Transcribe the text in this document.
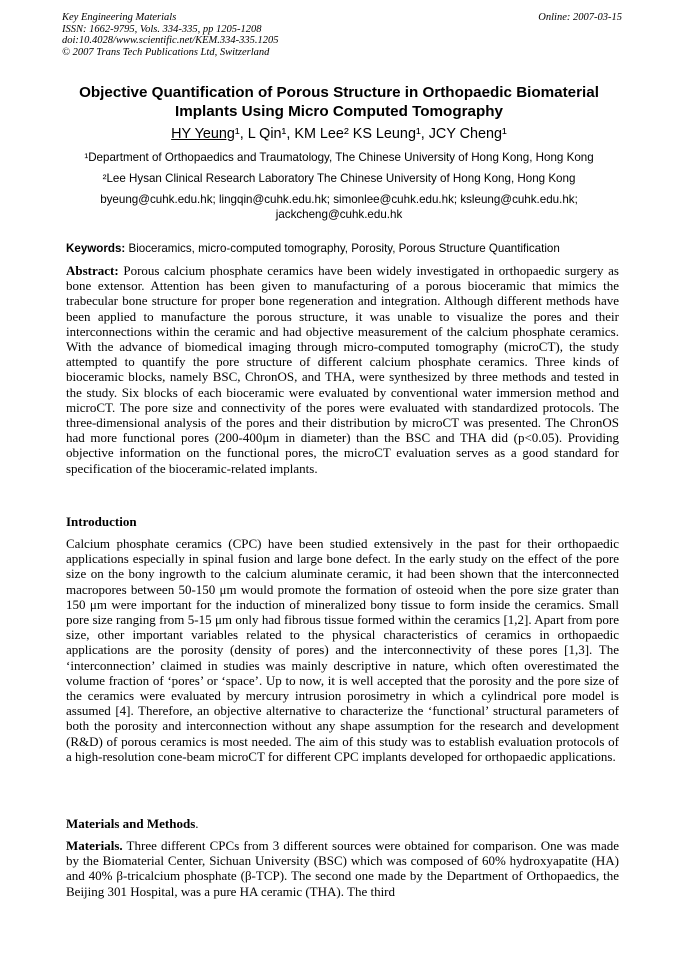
Key Engineering Materials
ISSN: 1662-9795, Vols. 334-335, pp 1205-1208
doi:10.4028/www.scientific.net/KEM.334-335.1205
© 2007 Trans Tech Publications Ltd, Switzerland
Online: 2007-03-15
Objective Quantification of Porous Structure in Orthopaedic Biomaterial
Implants Using Micro Computed Tomography
HY Yeung¹, L Qin¹, KM Lee² KS Leung¹, JCY Cheng¹
¹Department of Orthopaedics and Traumatology, The Chinese University of Hong Kong, Hong Kong
²Lee Hysan Clinical Research Laboratory The Chinese University of Hong Kong, Hong Kong
byeung@cuhk.edu.hk; lingqin@cuhk.edu.hk; simonlee@cuhk.edu.hk; ksleung@cuhk.edu.hk; jackcheng@cuhk.edu.hk
Keywords: Bioceramics, micro-computed tomography, Porosity, Porous Structure Quantification
Abstract: Porous calcium phosphate ceramics have been widely investigated in orthopaedic surgery as bone extensor. Attention has been given to manufacturing of a porous bioceramic that mimics the trabecular bone structure for proper bone regeneration and integration. Although different methods have been applied to manufacture the porous structure, it was unable to visualize the pores and their interconnections within the ceramic and had objective measurement of the calcium phosphate ceramics. With the advance of biomedical imaging through micro-computed tomography (microCT), the study attempted to quantify the pore structure of different calcium phosphate ceramics. Three kinds of bioceramic blocks, namely BSC, ChronOS, and THA, were synthesized by three methods and tested in the study. Six blocks of each bioceramic were evaluated by conventional water immersion method and microCT. The pore size and connectivity of the pores were evaluated with standardized protocols. The three-dimensional analysis of the pores and their distribution by microCT was presented. The ChronOS had more functional pores (200-400μm in diameter) than the BSC and THA did (p<0.05). Providing objective information on the functional pores, the microCT evaluation serves as a good standard for specification of the bioceramic-related implants.
Introduction
Calcium phosphate ceramics (CPC) have been studied extensively in the past for their orthopaedic applications especially in spinal fusion and large bone defect. In the early study on the effect of the pore size on the bony ingrowth to the calcium aluminate ceramic, it had been shown that the interconnected macropores between 50-150 μm would promote the formation of osteoid when the pore size grater than 150 μm were important for the induction of mineralized bony tissue to form inside the ceramics. Small pore size ranging from 5-15 μm only had fibrous tissue formed within the ceramics [1,2]. Apart from pore size, other important variables related to the physical characteristics of ceramics in orthopaedic applications are the porosity (density of pores) and the interconnectivity of these pores [1,3]. The ‘interconnection’ claimed in studies was mainly descriptive in nature, which often overestimated the volume fraction of ‘pores’ or ‘space’. Up to now, it is well accepted that the porosity and the pore size of the ceramics were evaluated by mercury intrusion porosimetry in which a cylindrical pore model is assumed [4]. Therefore, an objective alternative to characterize the ‘functional’ structural parameters of both the porosity and interconnection without any shape assumption for the research and development (R&D) of porous ceramics is most needed. The aim of this study was to establish evaluation protocols of a high-resolution cone-beam microCT for different CPC implants developed for orthopaedic applications.
Materials and Methods.
Materials. Three different CPCs from 3 different sources were obtained for comparison. One was made by the Biomaterial Center, Sichuan University (BSC) which was composed of 60% hydroxyapatite (HA) and 40% β-tricalcium phosphate (β-TCP). The second one made by the Department of Orthopaedics, the Beijing 301 Hospital, was a pure HA ceramic (THA). The third
